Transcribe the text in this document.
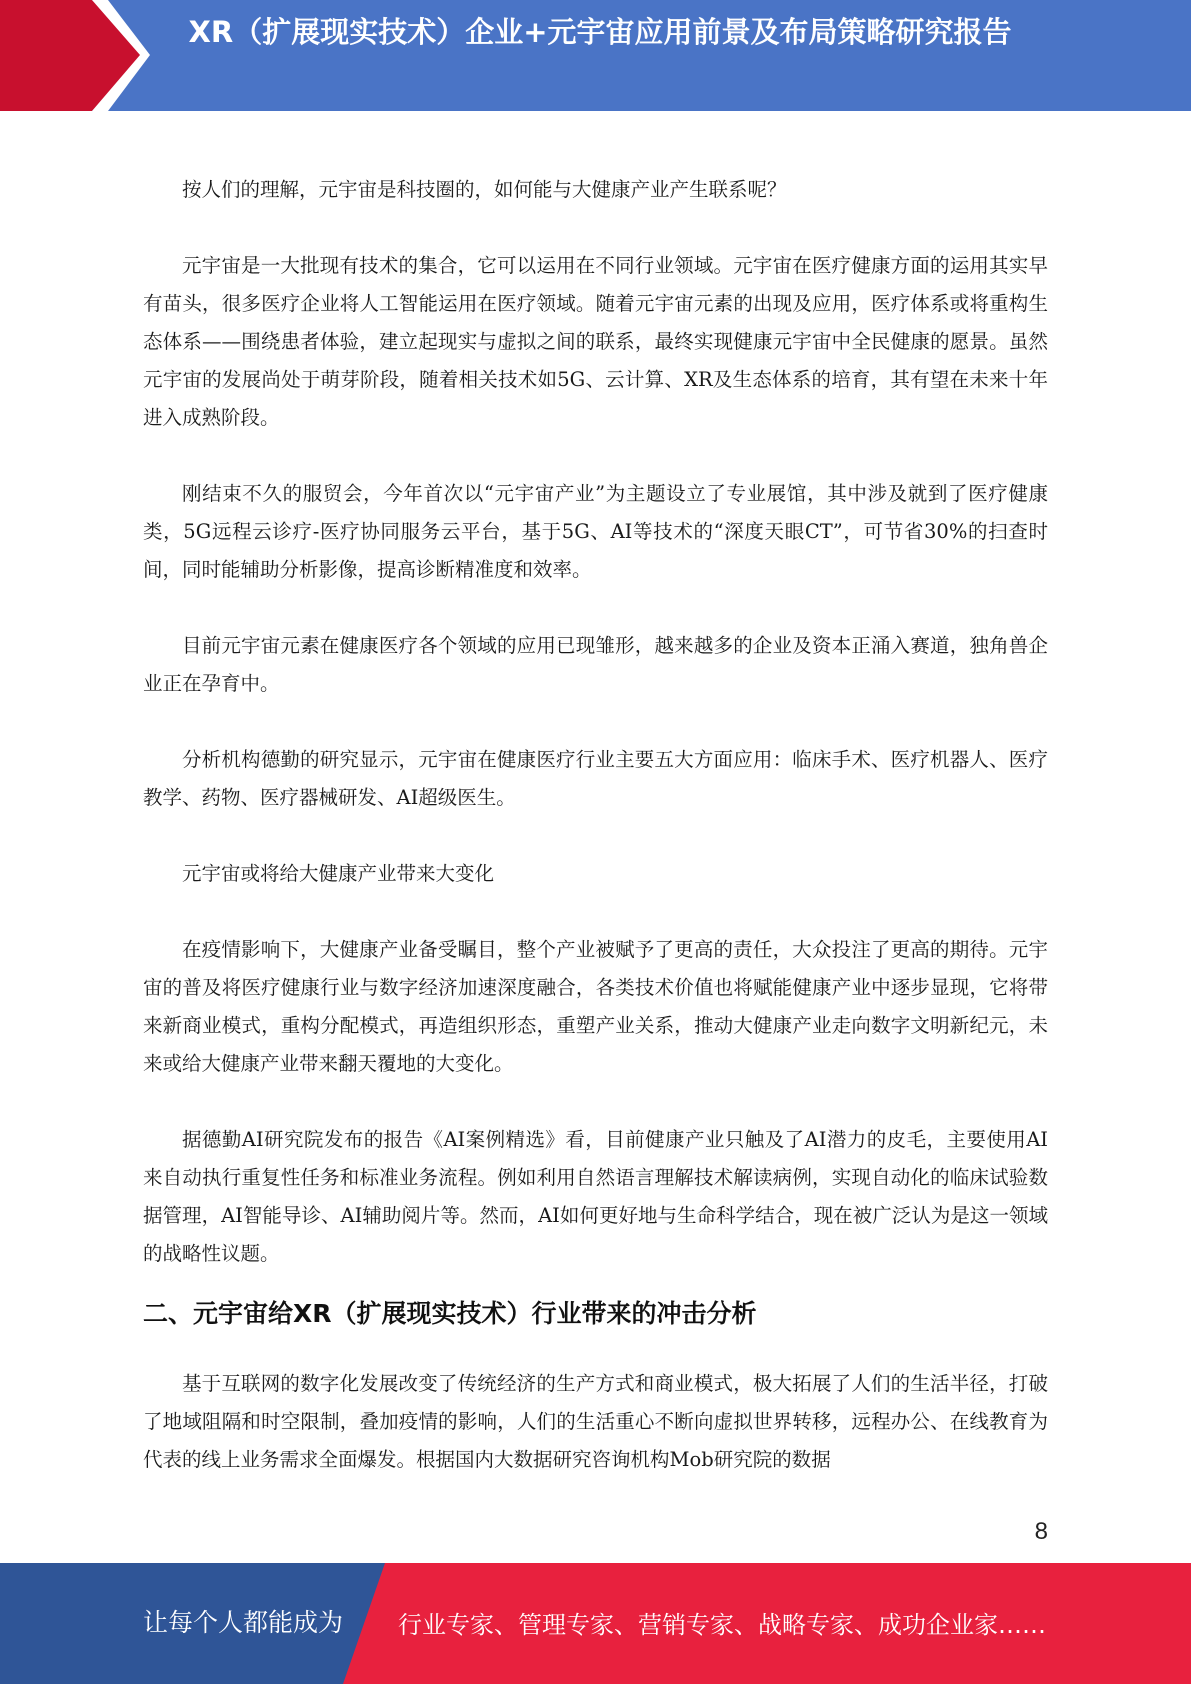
XR（扩展现实技术）企业+元宇宙应用前景及布局策略研究报告

按人们的理解，元宇宙是科技圈的，如何能与大健康产业产生联系呢？

元宇宙是一大批现有技术的集合，它可以运用在不同行业领域。元宇宙在医疗健康方面的运用其实早有苗头，很多医疗企业将人工智能运用在医疗领域。随着元宇宙元素的出现及应用，医疗体系或将重构生态体系——围绕患者体验，建立起现实与虚拟之间的联系，最终实现健康元宇宙中全民健康的愿景。虽然元宇宙的发展尚处于萌芽阶段，随着相关技术如5G、云计算、XR及生态体系的培育，其有望在未来十年进入成熟阶段。

刚结束不久的服贸会，今年首次以“元宇宙产业”为主题设立了专业展馆，其中涉及就到了医疗健康类，5G远程云诊疗-医疗协同服务云平台，基于5G、AI等技术的“深度天眼CT”，可节省30%的扫查时间，同时能辅助分析影像，提高诊断精准度和效率。

目前元宇宙元素在健康医疗各个领域的应用已现雏形，越来越多的企业及资本正涌入赛道，独角兽企业正在孕育中。

分析机构德勤的研究显示，元宇宙在健康医疗行业主要五大方面应用：临床手术、医疗机器人、医疗教学、药物、医疗器械研发、AI超级医生。

元宇宙或将给大健康产业带来大变化

在疫情影响下，大健康产业备受瞩目，整个产业被赋予了更高的责任，大众投注了更高的期待。元宇宙的普及将医疗健康行业与数字经济加速深度融合，各类技术价值也将赋能健康产业中逐步显现，它将带来新商业模式，重构分配模式，再造组织形态，重塑产业关系，推动大健康产业走向数字文明新纪元，未来或给大健康产业带来翻天覆地的大变化。

据德勤AI研究院发布的报告《AI案例精选》看，目前健康产业只触及了AI潜力的皮毛，主要使用AI来自动执行重复性任务和标准业务流程。例如利用自然语言理解技术解读病例，实现自动化的临床试验数据管理，AI智能导诊、AI辅助阅片等。然而，AI如何更好地与生命科学结合，现在被广泛认为是这一领域的战略性议题。

二、元宇宙给XR（扩展现实技术）行业带来的冲击分析

基于互联网的数字化发展改变了传统经济的生产方式和商业模式，极大拓展了人们的生活半径，打破了地域阻隔和时空限制，叠加疫情的影响，人们的生活重心不断向虚拟世界转移，远程办公、在线教育为代表的线上业务需求全面爆发。根据国内大数据研究咨询机构Mob研究院的数据

8
让每个人都能成为 行业专家、管理专家、营销专家、战略专家、成功企业家……
